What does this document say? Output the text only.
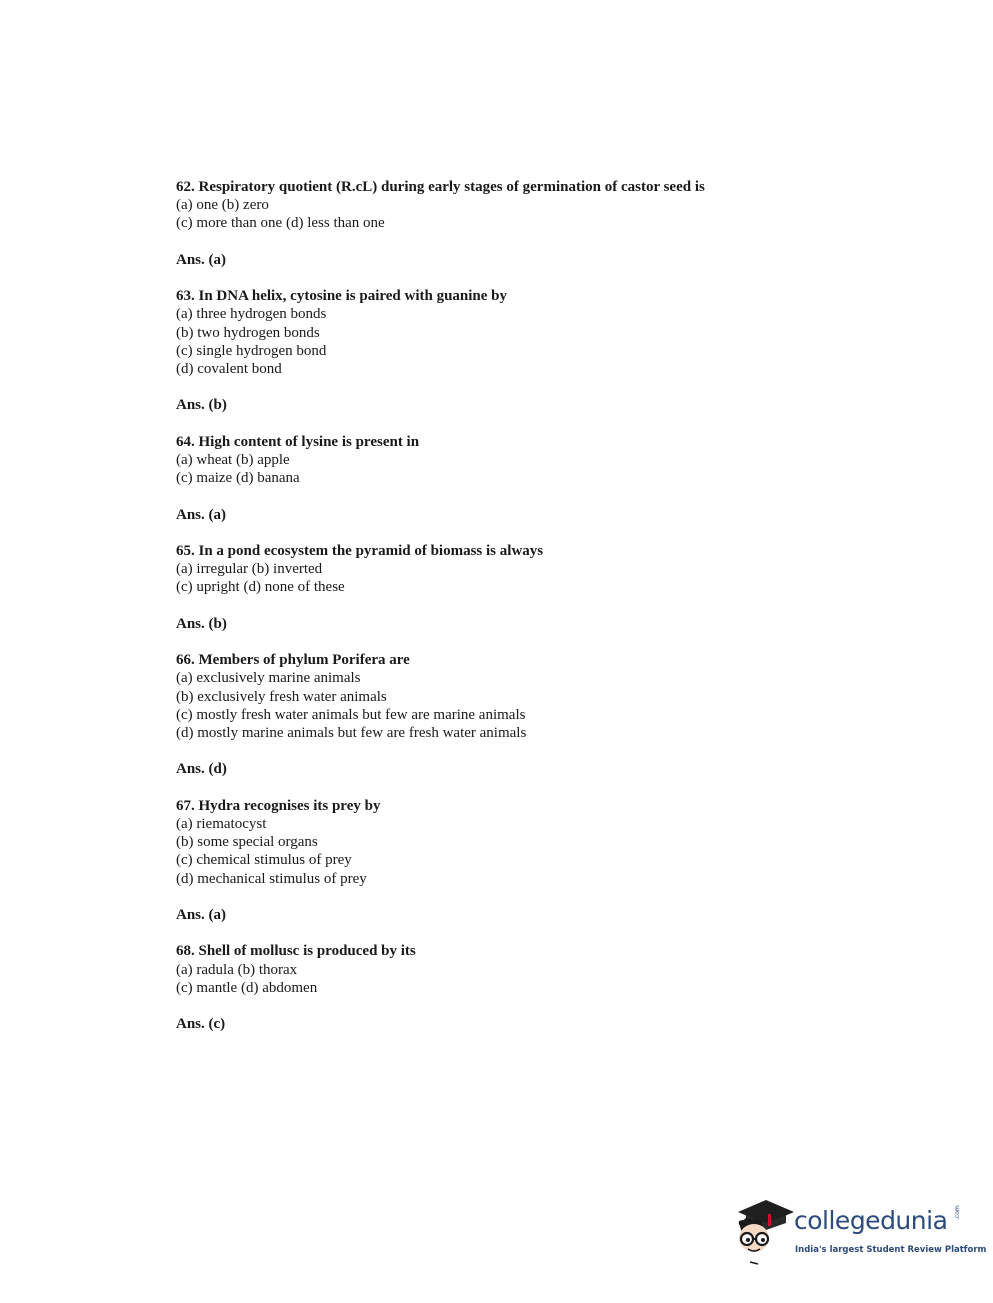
62. Respiratory quotient (R.cL) during early stages of germination of castor seed is

(a) one (b) zero

(c) more than one (d) less than one

Ans. (a)

63. In DNA helix, cytosine is paired with guanine by

(a) three hydrogen bonds

(b) two hydrogen bonds

(c) single hydrogen bond

(d) covalent bond

Ans. (b)

64. High content of lysine is present in

(a) wheat (b) apple

(c) maize (d) banana

Ans. (a)

65. In a pond ecosystem the pyramid of biomass is always

(a) irregular (b) inverted

(c) upright (d) none of these

Ans. (b)

66. Members of phylum Porifera are

(a) exclusively marine animals

(b) exclusively fresh water animals

(c) mostly fresh water animals but few are marine animals

(d) mostly marine animals but few are fresh water animals

Ans. (d)

67. Hydra recognises its prey by

(a) riematocyst

(b) some special organs

(c) chemical stimulus of prey

(d) mechanical stimulus of prey

Ans. (a)

68. Shell of mollusc is produced by its

(a) radula (b) thorax

(c) mantle (d) abdomen

Ans. (c)

collegedunia .com
India's largest Student Review Platform
